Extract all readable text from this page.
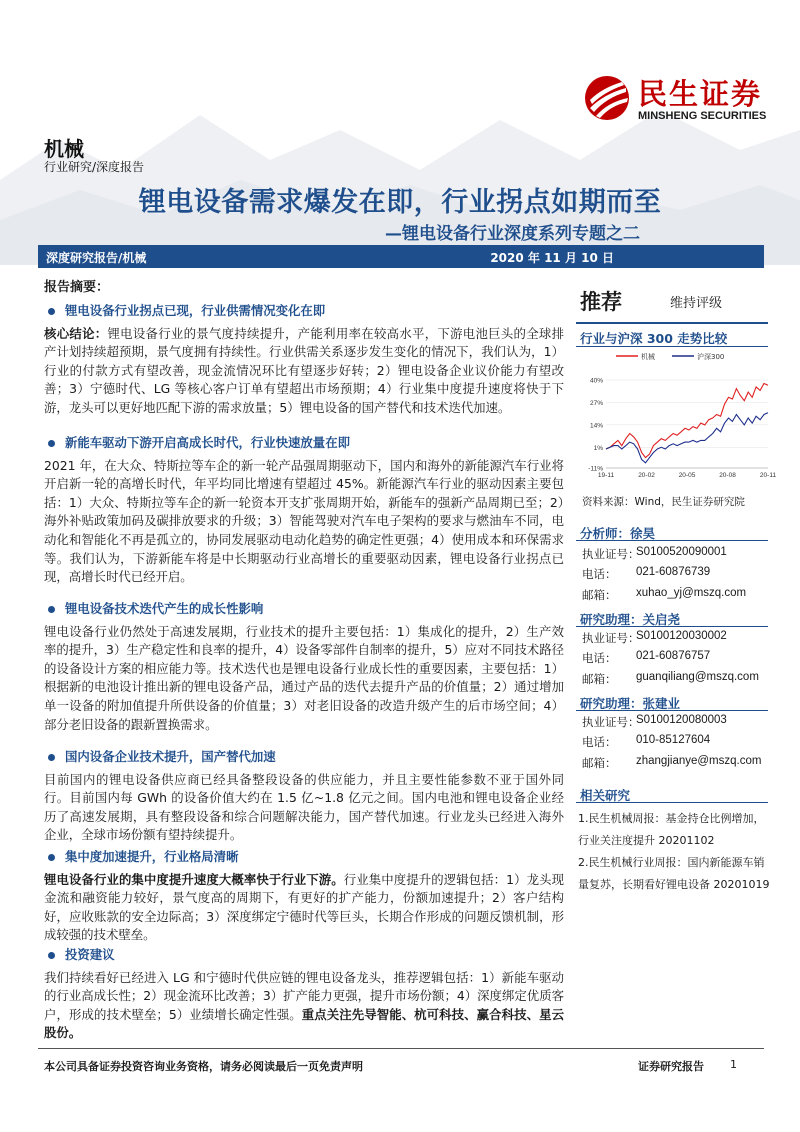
民生证券
MINSHENG SECURITIES
机械
行业研究/深度报告
锂电设备需求爆发在即，行业拐点如期而至
—锂电设备行业深度系列专题之二
深度研究报告/机械	2020 年 11 月 10 日
报告摘要：
锂电设备行业拐点已现，行业供需情况变化在即
核心结论：锂电设备行业的景气度持续提升，产能利用率在较高水平，下游电池巨头的全球排产计划持续超预期，景气度拥有持续性。行业供需关系逐步发生变化的情况下，我们认为，1）行业的付款方式有望改善，现金流情况环比有望逐步好转；2）锂电设备企业议价能力有望改善；3）宁德时代、LG 等核心客户订单有望超出市场预期；4）行业集中度提升速度将快于下游，龙头可以更好地匹配下游的需求放量；5）锂电设备的国产替代和技术迭代加速。
新能车驱动下游开启高成长时代，行业快速放量在即
2021 年，在大众、特斯拉等车企的新一轮产品强周期驱动下，国内和海外的新能源汽车行业将开启新一轮的高增长时代，年平均同比增速有望超过 45%。新能源汽车行业的驱动因素主要包括：1）大众、特斯拉等车企的新一轮资本开支扩张周期开始，新能车的强新产品周期已至；2）海外补贴政策加码及碳排放要求的升级；3）智能驾驶对汽车电子架构的要求与燃油车不同，电动化和智能化不再是孤立的，协同发展驱动电动化趋势的确定性更强；4）使用成本和环保需求等。我们认为，下游新能车将是中长期驱动行业高增长的重要驱动因素，锂电设备行业拐点已现，高增长时代已经开启。
锂电设备技术迭代产生的成长性影响
锂电设备行业仍然处于高速发展期，行业技术的提升主要包括：1）集成化的提升，2）生产效率的提升，3）生产稳定性和良率的提升，4）设备零部件自制率的提升，5）应对不同技术路径的设备设计方案的相应能力等。技术迭代也是锂电设备行业成长性的重要因素，主要包括：1）根据新的电池设计推出新的锂电设备产品，通过产品的迭代去提升产品的价值量；2）通过增加单一设备的附加值提升所供设备的价值量；3）对老旧设备的改造升级产生的后市场空间；4）部分老旧设备的跟新置换需求。
国内设备企业技术提升，国产替代加速
目前国内的锂电设备供应商已经具备整段设备的供应能力，并且主要性能参数不亚于国外同行。目前国内每 GWh 的设备价值大约在 1.5 亿~1.8 亿元之间。国内电池和锂电设备企业经历了高速发展期，具有整段设备和综合问题解决能力，国产替代加速。行业龙头已经进入海外企业，全球市场份额有望持续提升。
集中度加速提升，行业格局清晰
锂电设备行业的集中度提升速度大概率快于行业下游。行业集中度提升的逻辑包括：1）龙头现金流和融资能力较好，景气度高的周期下，有更好的扩产能力，份额加速提升；2）客户结构好，应收账款的安全边际高；3）深度绑定宁德时代等巨头，长期合作形成的问题反馈机制，形成较强的技术壁垒。
投资建议
我们持续看好已经进入 LG 和宁德时代供应链的锂电设备龙头，推荐逻辑包括：1）新能车驱动的行业高成长性；2）现金流环比改善；3）扩产能力更强，提升市场份额；4）深度绑定优质客户，形成的技术壁垒；5）业绩增长确定性强。重点关注先导智能、杭可科技、赢合科技、星云股份。
推荐	维持评级
行业与沪深 300 走势比较
机械	沪深300
40%
27%
14%
1%
-11%
19-11	20-02	20-05	20-08	20-11
资料来源：Wind，民生证券研究院
分析师：徐昊
执业证号：
S0100520090001
电话： 021-60876739
邮箱： xuhao_yj@mszq.com
研究助理：关启尧
执业证号：
S0100120030002
电话： 021-60876757
邮箱： guanqiliang@mszq.com
研究助理：张建业
执业证号：
S0100120080003
电话： 010-85127604
邮箱： zhangjianye@mszq.com
相关研究
1.民生机械周报：基金持仓比例增加，行业关注度提升 20201102
2.民生机械行业周报：国内新能源车销量复苏，长期看好锂电设备 20201019
本公司具备证券投资咨询业务资格，请务必阅读最后一页免责声明	证券研究报告 1
